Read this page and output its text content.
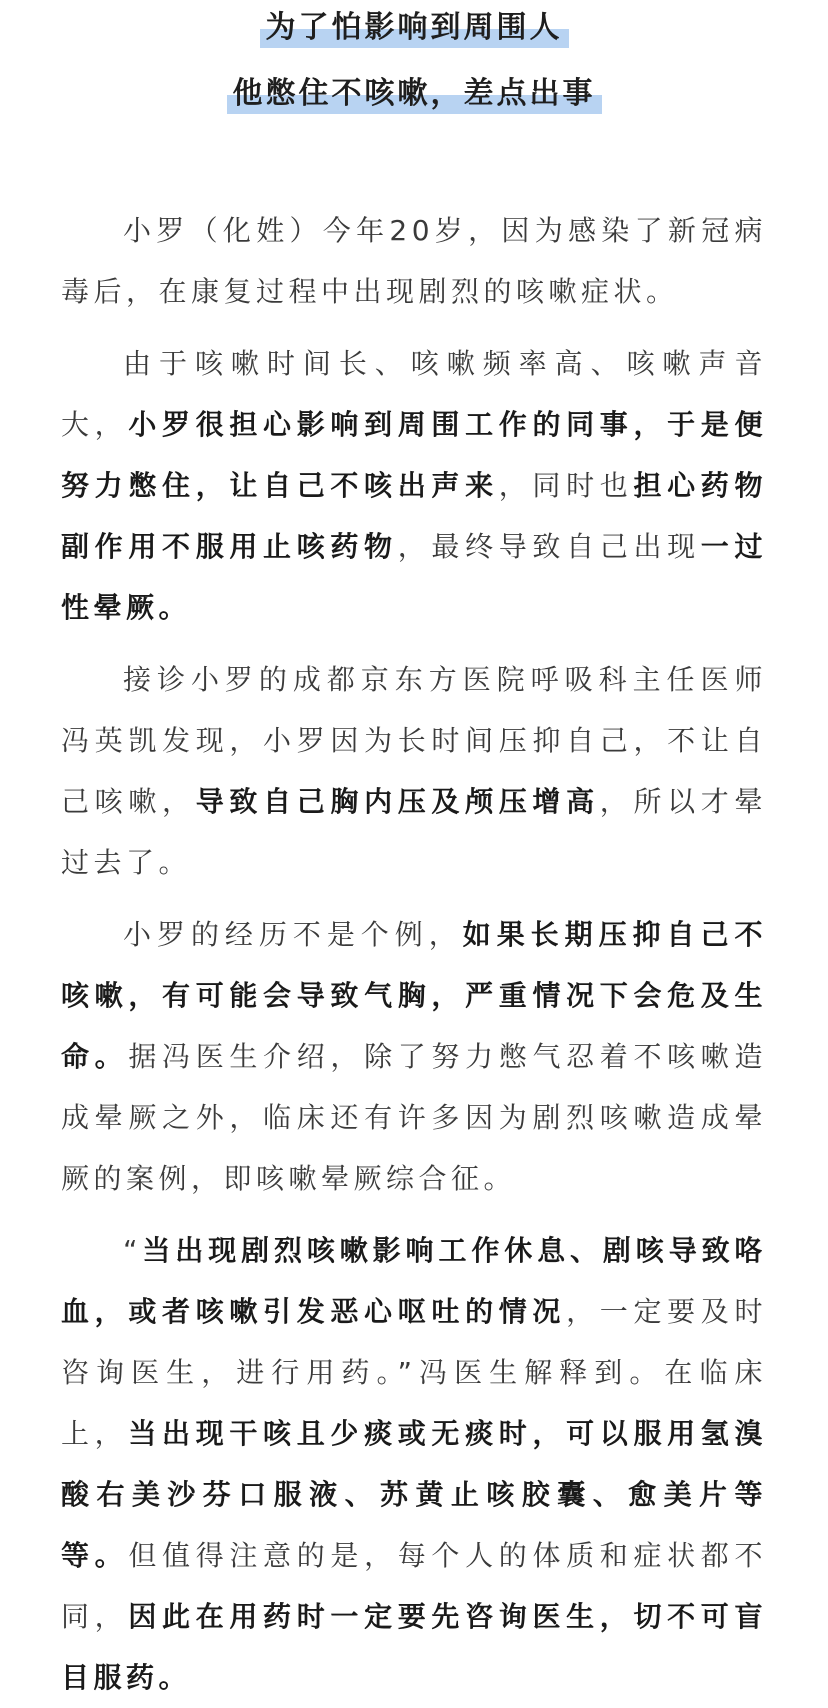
为了怕影响到周围人
他憋住不咳嗽，差点出事

小罗（化姓）今年20岁，因为感染了新冠病毒后，在康复过程中出现剧烈的咳嗽症状。

由于咳嗽时间长、咳嗽频率高、咳嗽声音大，小罗很担心影响到周围工作的同事，于是便努力憋住，让自己不咳出声来，同时也担心药物副作用不服用止咳药物，最终导致自己出现一过性晕厥。

接诊小罗的成都京东方医院呼吸科主任医师冯英凯发现，小罗因为长时间压抑自己，不让自己咳嗽，导致自己胸内压及颅压增高，所以才晕过去了。

小罗的经历不是个例，如果长期压抑自己不咳嗽，有可能会导致气胸，严重情况下会危及生命。据冯医生介绍，除了努力憋气忍着不咳嗽造成晕厥之外，临床还有许多因为剧烈咳嗽造成晕厥的案例，即咳嗽晕厥综合征。

“当出现剧烈咳嗽影响工作休息、剧咳导致咯血，或者咳嗽引发恶心呕吐的情况，一定要及时咨询医生，进行用药。”冯医生解释到。在临床上，当出现干咳且少痰或无痰时，可以服用氢溴酸右美沙芬口服液、苏黄止咳胶囊、愈美片等等。但值得注意的是，每个人的体质和症状都不同，因此在用药时一定要先咨询医生，切不可盲目服药。
